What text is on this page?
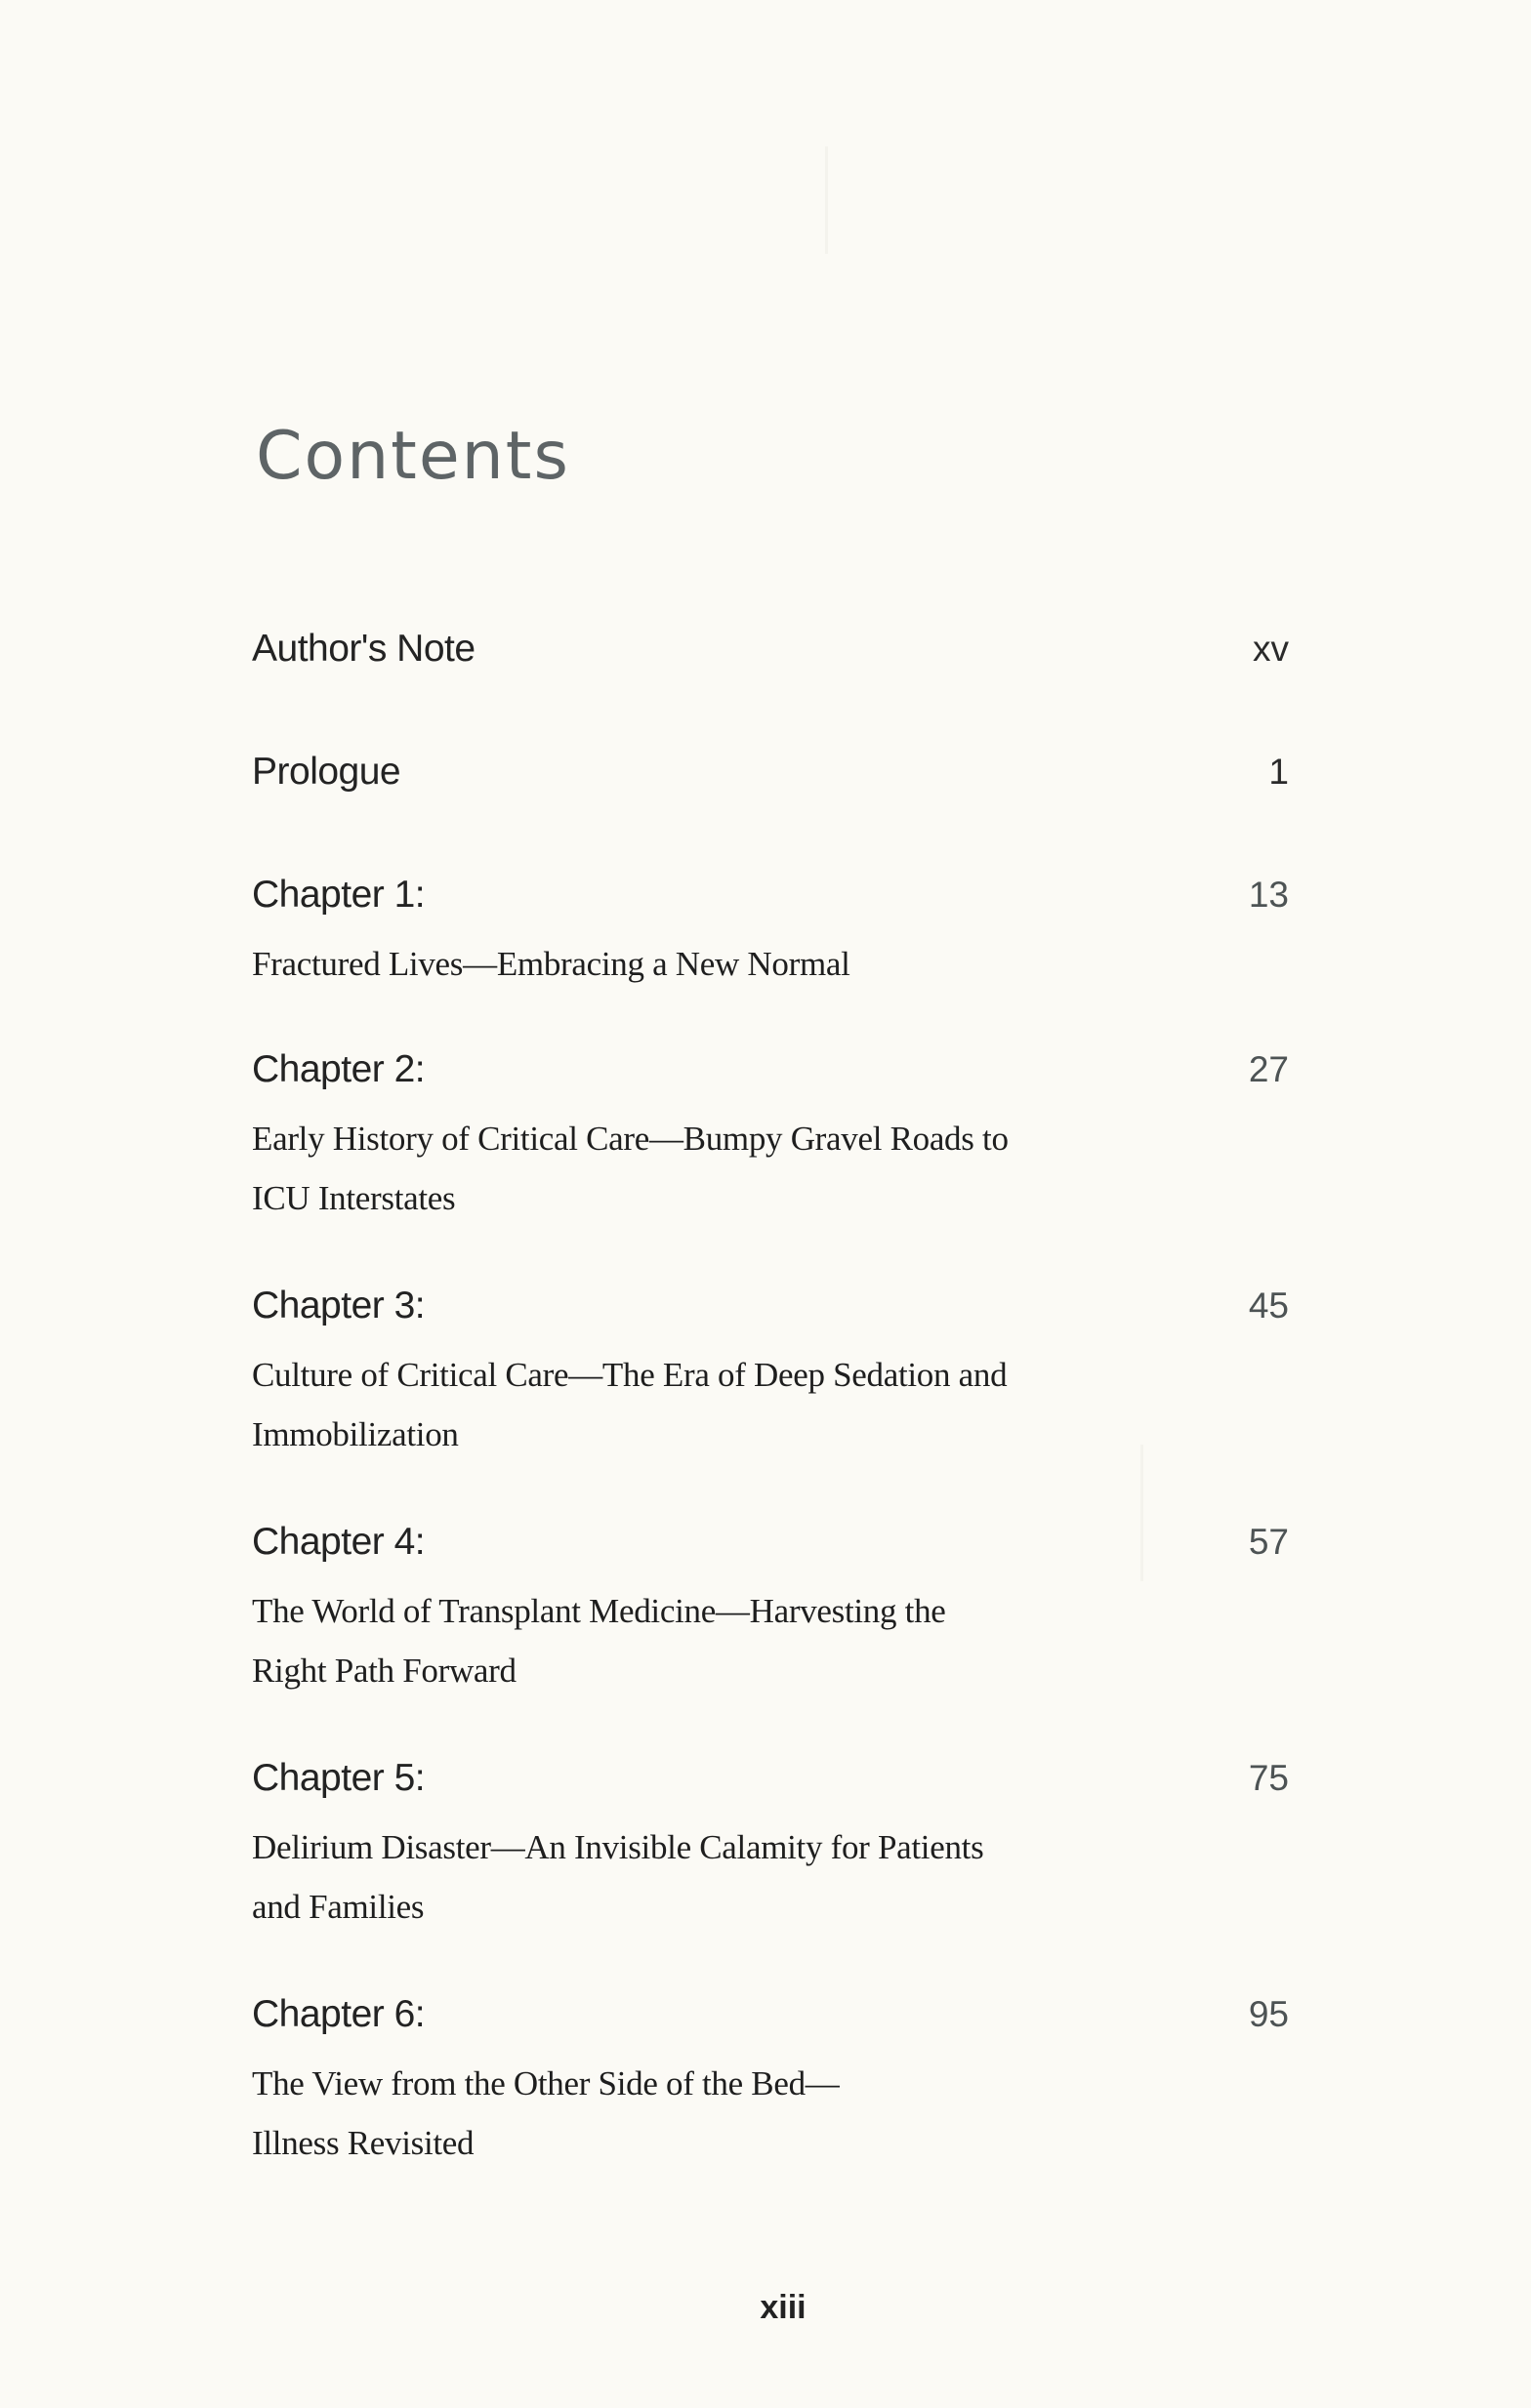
Contents
Author's Note	xv
Prologue	1
Chapter 1:	13
Fractured Lives—Embracing a New Normal
Chapter 2:	27
Early History of Critical Care—Bumpy Gravel Roads to
ICU Interstates
Chapter 3:	45
Culture of Critical Care—The Era of Deep Sedation and
Immobilization
Chapter 4:	57
The World of Transplant Medicine—Harvesting the
Right Path Forward
Chapter 5:	75
Delirium Disaster—An Invisible Calamity for Patients
and Families
Chapter 6:	95
The View from the Other Side of the Bed—
Illness Revisited
xiii
